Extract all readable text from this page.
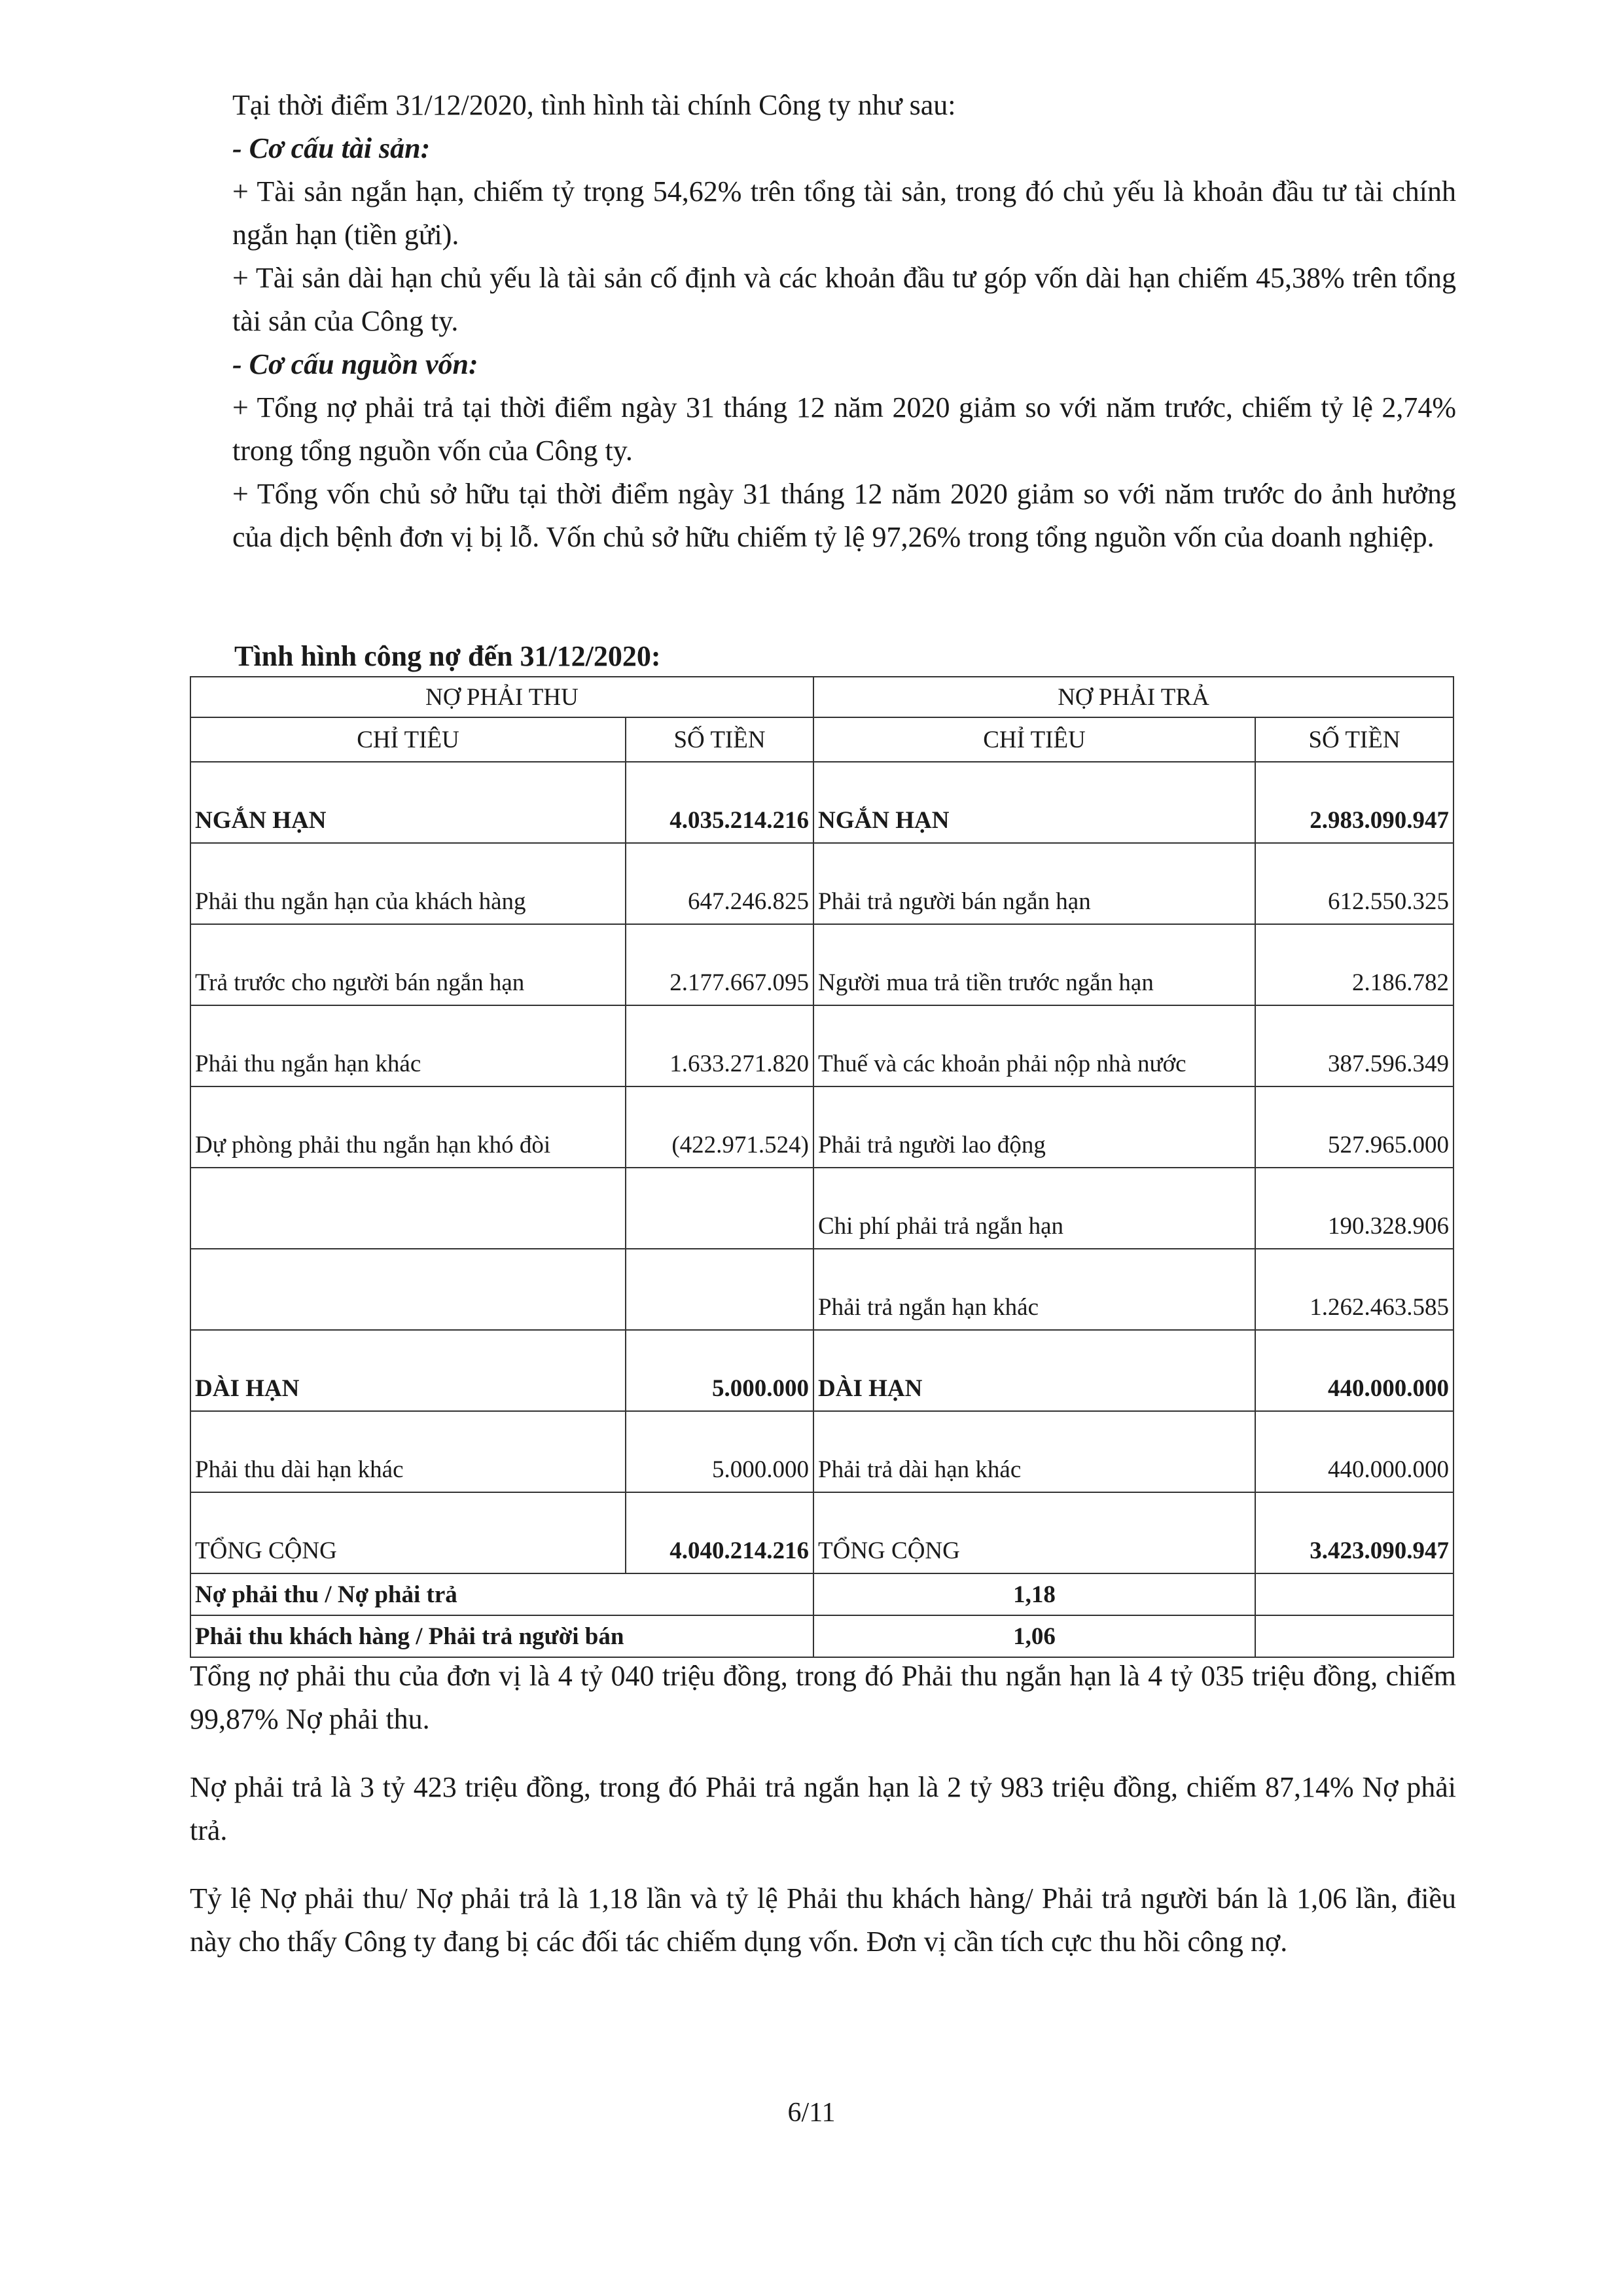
Tại thời điểm 31/12/2020, tình hình tài chính Công ty như sau:

- Cơ cấu tài sản:

+ Tài sản ngắn hạn, chiếm tỷ trọng 54,62% trên tổng tài sản, trong đó chủ yếu là khoản đầu tư tài chính ngắn hạn (tiền gửi).

+ Tài sản dài hạn chủ yếu là tài sản cố định và các khoản đầu tư góp vốn dài hạn chiếm 45,38% trên tổng tài sản của Công ty.

- Cơ cấu nguồn vốn:

+ Tổng nợ phải trả tại thời điểm ngày 31 tháng 12 năm 2020 giảm so với năm trước, chiếm tỷ lệ 2,74% trong tổng nguồn vốn của Công ty.

+ Tổng vốn chủ sở hữu tại thời điểm ngày 31 tháng 12 năm 2020 giảm so với năm trước do ảnh hưởng của dịch bệnh đơn vị bị lỗ. Vốn chủ sở hữu chiếm tỷ lệ 97,26% trong tổng nguồn vốn của doanh nghiệp.

Tình hình công nợ đến 31/12/2020:
NỢ PHẢI THU		NỢ PHẢI TRẢ	
CHỈ TIÊU	SỐ TIỀN	CHỈ TIÊU	SỐ TIỀN
NGẮN HẠN	4.035.214.216	NGẮN HẠN	2.983.090.947
Phải thu ngắn hạn của khách hàng	647.246.825	Phải trả người bán ngắn hạn	612.550.325
Trả trước cho người bán ngắn hạn	2.177.667.095	Người mua trả tiền trước ngắn hạn	2.186.782
Phải thu ngắn hạn khác	1.633.271.820	Thuế và các khoản phải nộp nhà nước	387.596.349
Dự phòng phải thu ngắn hạn khó đòi	(422.971.524)	Phải trả người lao động	527.965.000
		Chi phí phải trả ngắn hạn	190.328.906
		Phải trả ngắn hạn khác	1.262.463.585
DÀI HẠN	5.000.000	DÀI HẠN	440.000.000
Phải thu dài hạn khác	5.000.000	Phải trả dài hạn khác	440.000.000
TỔNG CỘNG	4.040.214.216	TỔNG CỘNG	3.423.090.947
Nợ phải thu / Nợ phải trả		1,18	
Phải thu khách hàng / Phải trả người bán		1,06	

Tổng nợ phải thu của đơn vị là 4 tỷ 040 triệu đồng, trong đó Phải thu ngắn hạn là 4 tỷ 035 triệu đồng, chiếm 99,87% Nợ phải thu.

Nợ phải trả là 3 tỷ 423 triệu đồng, trong đó Phải trả ngắn hạn là 2 tỷ 983 triệu đồng, chiếm 87,14% Nợ phải trả.

Tỷ lệ Nợ phải thu/ Nợ phải trả là 1,18 lần và tỷ lệ Phải thu khách hàng/ Phải trả người bán là 1,06 lần, điều này cho thấy Công ty đang bị các đối tác chiếm dụng vốn. Đơn vị cần tích cực thu hồi công nợ.

6/11
